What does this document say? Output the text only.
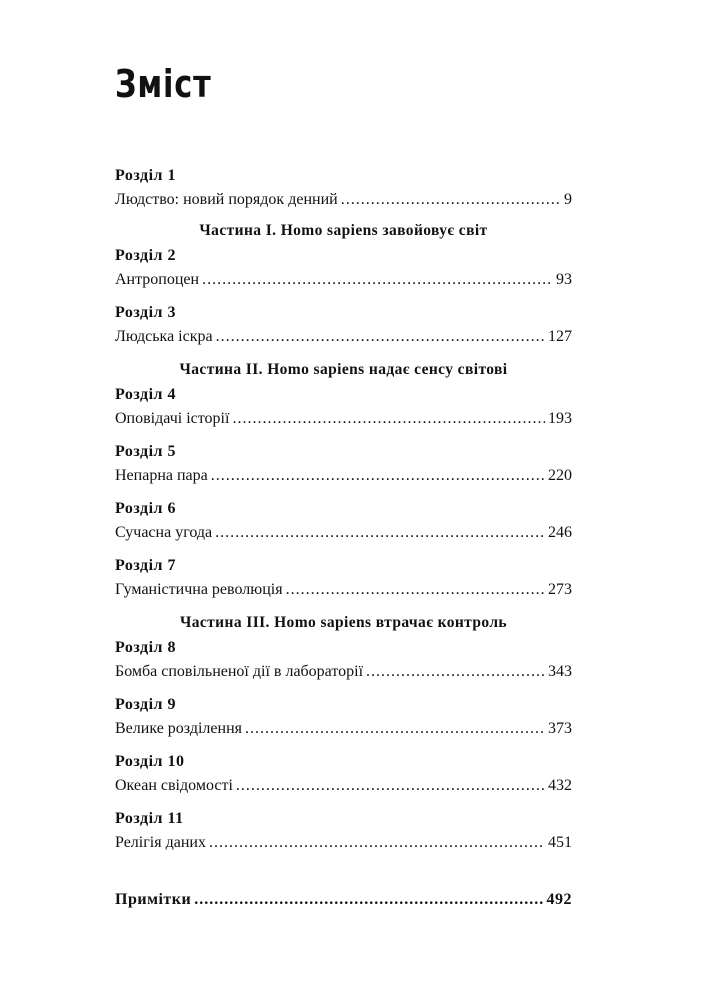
Зміст
Розділ 1
Людство: новий порядок денний .....	9
Частина І. Homo sapiens завойовує світ
Розділ 2
Антропоцен .....	93
Розділ 3
Людська іскра .....	127
Частина ІІ. Homo sapiens надає сенсу світові
Розділ 4
Оповідачі історії .....	193
Розділ 5
Непарна пара .....	220
Розділ 6
Сучасна угода .....	246
Розділ 7
Гуманістична революція .....	273
Частина ІІІ. Homo sapiens втрачає контроль
Розділ 8
Бомба сповільненої дії в лабораторії .....	343
Розділ 9
Велике розділення .....	373
Розділ 10
Океан свідомості .....	432
Розділ 11
Релігія даних .....	451
Примітки .....	492
